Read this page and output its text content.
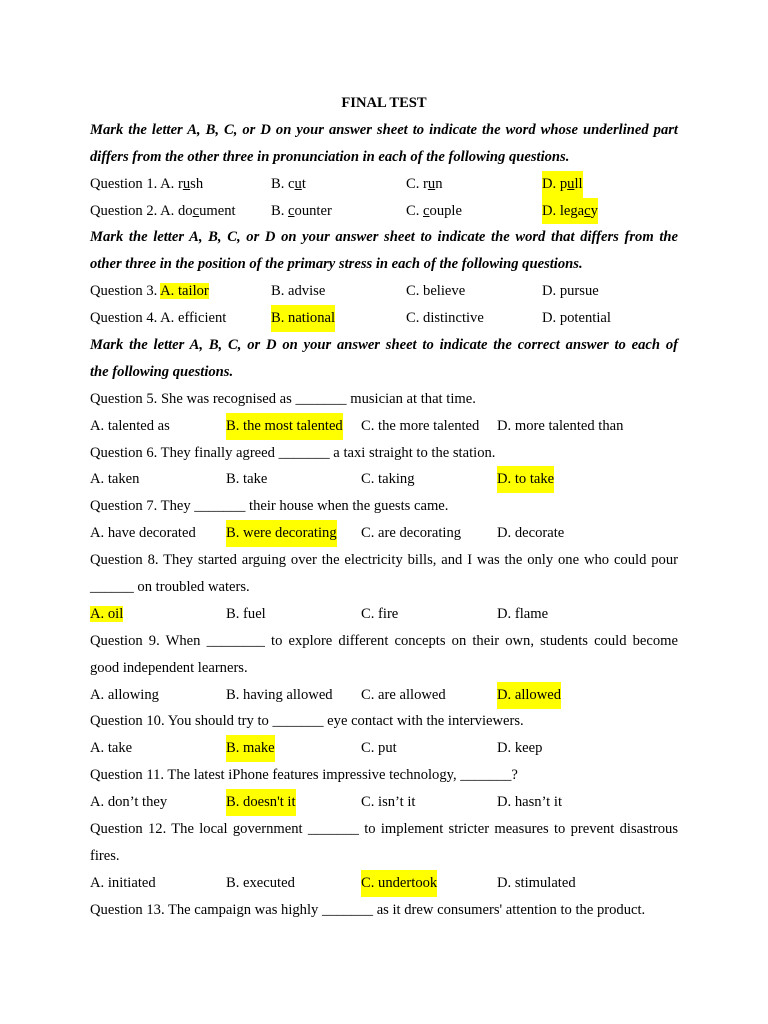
FINAL TEST
Mark the letter A, B, C, or D on your answer sheet to indicate the word whose underlined part
differs from the other three in pronunciation in each of the following questions.
Question 1. A. rush	B. cut	C. run	D. pull
Question 2. A. document B. counter	C. couple	D. legacy
Mark the letter A, B, C, or D on your answer sheet to indicate the word that differs from the
other three in the position of the primary stress in each of the following questions.
Question 3. A. tailor	B. advise	C. believe	D. pursue
Question 4. A. efficient	B. national	C. distinctive	D. potential
Mark the letter A, B, C, or D on your answer sheet to indicate the correct answer to each of
the following questions.
Question 5. She was recognised as _______ musician at that time.
A. talented as	B. the most talented C. the more talented D. more talented than
Question 6. They finally agreed _______ a taxi straight to the station.
A. taken	B. take	C. taking	D. to take
Question 7. They _______ their house when the guests came.
A. have decorated B. were decorating C. are decorating D. decorate
Question 8. They started arguing over the electricity bills, and I was the only one who could pour
______ on troubled waters.
A. oil	B. fuel	C. fire	D. flame
Question 9. When ________ to explore different concepts on their own, students could become
good independent learners.
A. allowing	B. having allowed C. are allowed	D. allowed
Question 10. You should try to _______ eye contact with the interviewers.
A. take	B. make	C. put	D. keep
Question 11. The latest iPhone features impressive technology, _______?
A. don’t they	B. doesn't it	C. isn’t it	D. hasn’t it
Question 12. The local government _______ to implement stricter measures to prevent disastrous
fires.
A. initiated	B. executed	C. undertook	D. stimulated
Question 13. The campaign was highly _______ as it drew consumers' attention to the product.
